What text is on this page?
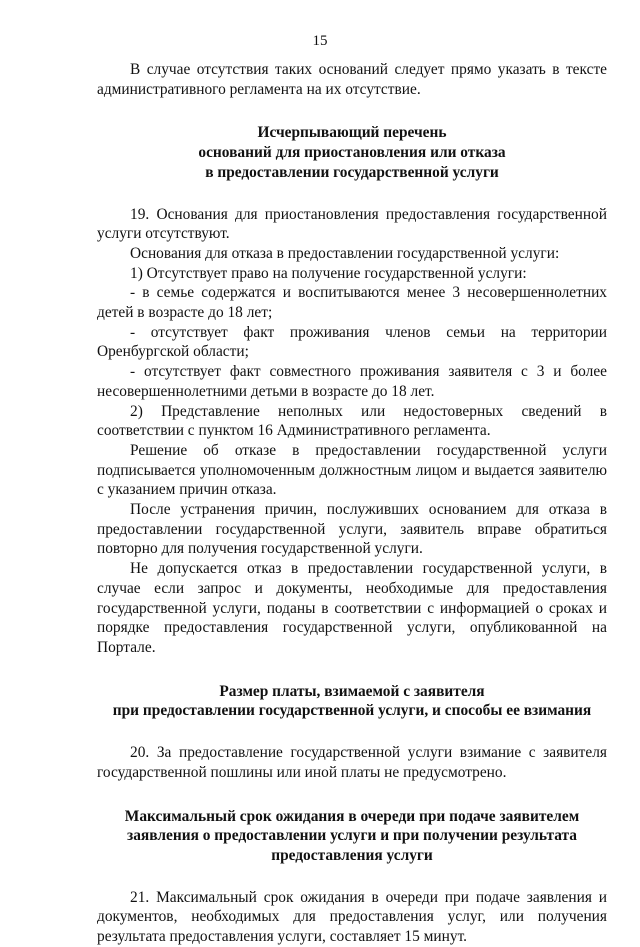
15

В случае отсутствия таких оснований следует прямо указать в тексте административного регламента на их отсутствие.

Исчерпывающий перечень
оснований для приостановления или отказа
в предоставлении государственной услуги

19. Основания для приостановления предоставления государственной услуги отсутствуют.

Основания для отказа в предоставлении государственной услуги:

1) Отсутствует право на получение государственной услуги:

- в семье содержатся и воспитываются менее 3 несовершеннолетних детей в возрасте до 18 лет;

- отсутствует факт проживания членов семьи на территории Оренбургской области;

- отсутствует факт совместного проживания заявителя с 3 и более несовершеннолетними детьми в возрасте до 18 лет.

2) Представление неполных или недостоверных сведений в соответствии с пунктом 16 Административного регламента.

Решение об отказе в предоставлении государственной услуги подписывается уполномоченным должностным лицом и выдается заявителю с указанием причин отказа.

После устранения причин, послуживших основанием для отказа в предоставлении государственной услуги, заявитель вправе обратиться повторно для получения государственной услуги.

Не допускается отказ в предоставлении государственной услуги, в случае если запрос и документы, необходимые для предоставления государственной услуги, поданы в соответствии с информацией о сроках и порядке предоставления государственной услуги, опубликованной на Портале.

Размер платы, взимаемой с заявителя
при предоставлении государственной услуги, и способы ее взимания

20. За предоставление государственной услуги взимание с заявителя государственной пошлины или иной платы не предусмотрено.

Максимальный срок ожидания в очереди при подаче заявителем
заявления о предоставлении услуги и при получении результата
предоставления услуги

21. Максимальный срок ожидания в очереди при подаче заявления и документов, необходимых для предоставления услуг, или получения результата предоставления услуги, составляет 15 минут.
